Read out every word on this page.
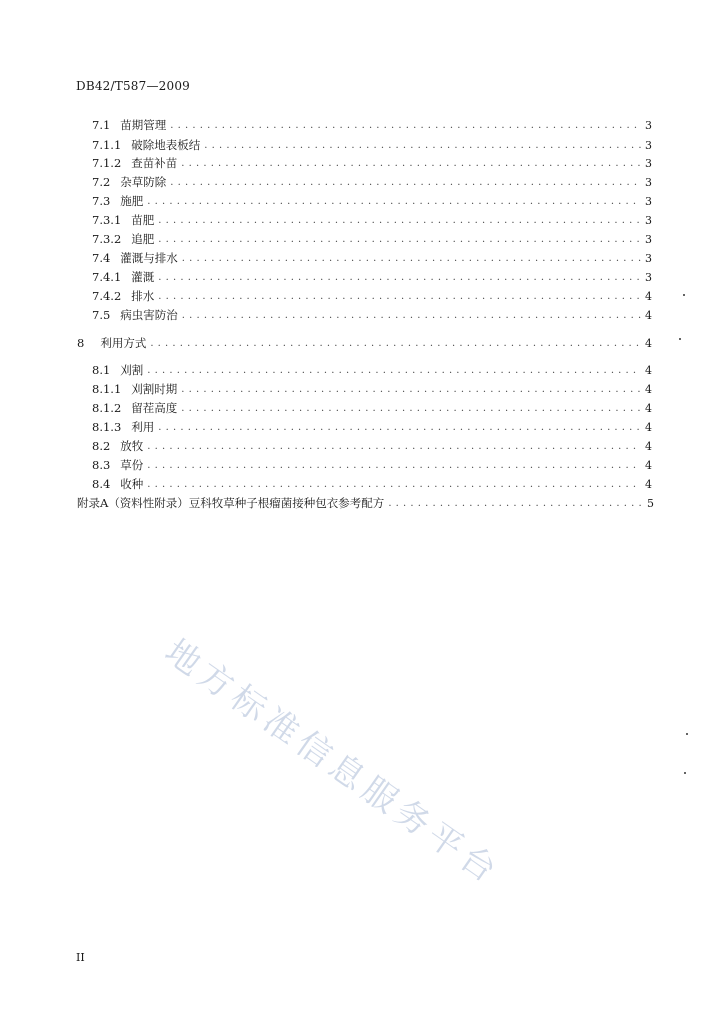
DB42/T587—2009
7.1 苗期管理 . . .	3
7.1.1 破除地表板结 . . .	3
7.1.2 查苗补苗 . . .	3
7.2 杂草防除 . . .	3
7.3 施肥 . . .	3
7.3.1 苗肥 . . .	3
7.3.2 追肥 . . .	3
7.4 灌溉与排水 . . .	3
7.4.1 灌溉 . . .	3
7.4.2 排水 . . .	4
7.5 病虫害防治 . . .	4
8 利用方式 . . .	4
8.1 刈割 . . .	4
8.1.1 刈割时期 . . .	4
8.1.2 留茬高度 . . .	4
8.1.3 利用 . . .	4
8.2 放牧 . . .	4
8.3 草份 . . .	4
8.4 收种 . . .	4
附录A （资料性附录）豆科牧草种子根瘤菌接种包衣参考配方 . . .	5
地方标准信息服务平台
II
